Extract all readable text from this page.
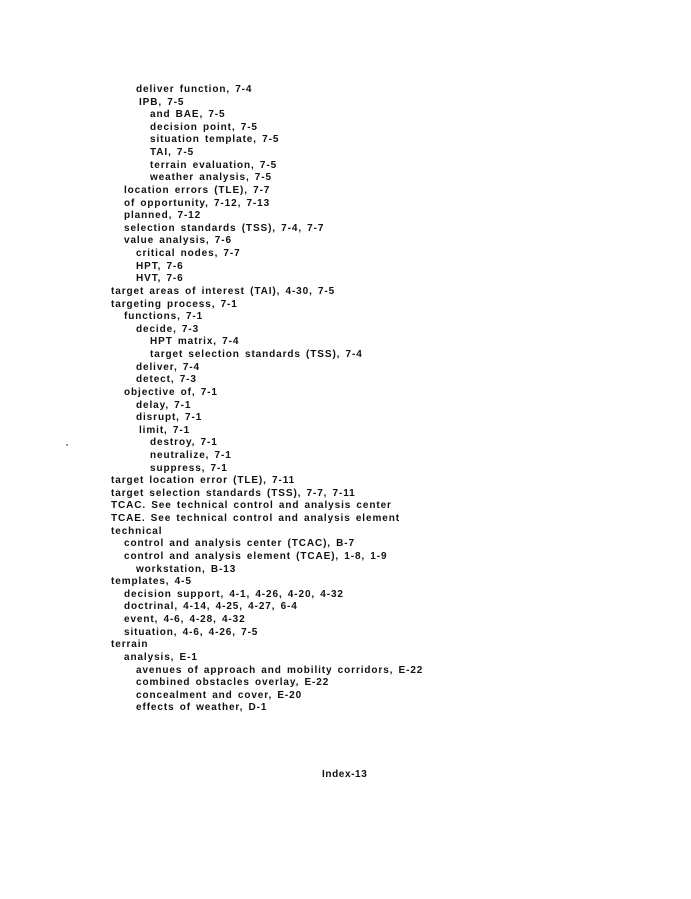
deliver function, 7-4
IPB, 7-5
and BAE, 7-5
decision point, 7-5
situation template, 7-5
TAI, 7-5
terrain evaluation, 7-5
weather analysis, 7-5
location errors (TLE), 7-7
of opportunity, 7-12, 7-13
planned, 7-12
selection standards (TSS), 7-4, 7-7
value analysis, 7-6
critical nodes, 7-7
HPT, 7-6
HVT, 7-6
target areas of interest (TAI), 4-30, 7-5
targeting process, 7-1
functions, 7-1
decide, 7-3
HPT matrix, 7-4
target selection standards (TSS), 7-4
deliver, 7-4
detect, 7-3
objective of, 7-1
delay, 7-1
disrupt, 7-1
limit, 7-1
destroy, 7-1
neutralize, 7-1
suppress, 7-1
target location error (TLE), 7-11
target selection standards (TSS), 7-7, 7-11
TCAC. See technical control and analysis center
TCAE. See technical control and analysis element
technical
control and analysis center (TCAC), B-7
control and analysis element (TCAE), 1-8, 1-9
workstation, B-13
templates, 4-5
decision support, 4-1, 4-26, 4-20, 4-32
doctrinal, 4-14, 4-25, 4-27, 6-4
event, 4-6, 4-28, 4-32
situation, 4-6, 4-26, 7-5
terrain
analysis, E-1
avenues of approach and mobility corridors, E-22
combined obstacles overlay, E-22
concealment and cover, E-20
effects of weather, D-1
Index-13
